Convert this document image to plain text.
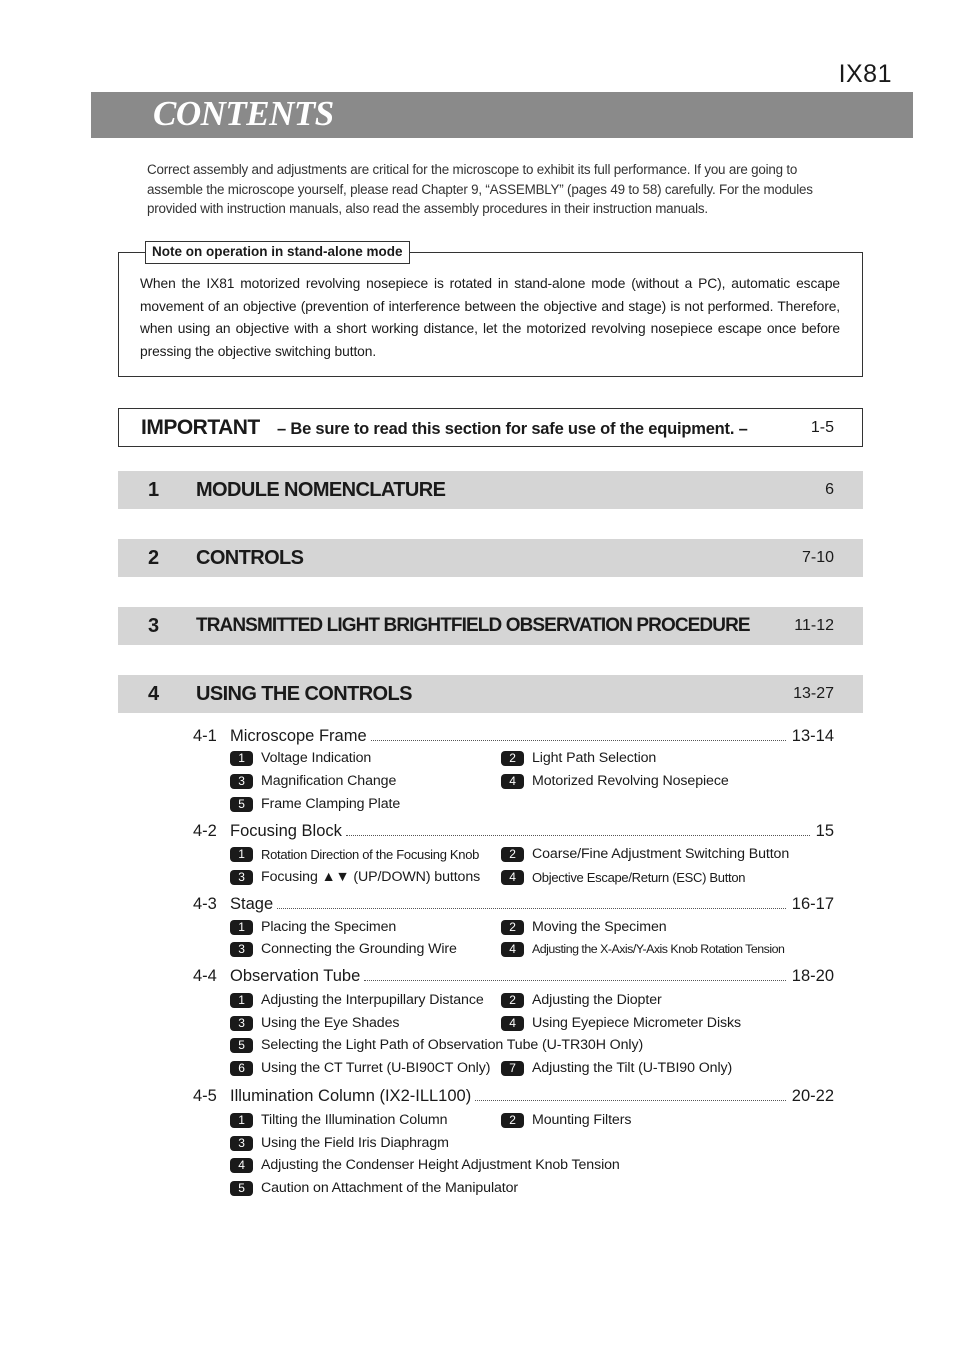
IX81
CONTENTS
Correct assembly and adjustments are critical for the microscope to exhibit its full performance. If you are going to assemble the microscope yourself, please read Chapter 9, “ASSEMBLY” (pages 49 to 58) carefully. For the modules provided with instruction manuals, also read the assembly procedures in their instruction manuals.
Note on operation in stand-alone mode
When the IX81 motorized revolving nosepiece is rotated in stand-alone mode (without a PC), automatic escape movement of an objective (prevention of interference between the objective and stage) is not performed. Therefore, when using an objective with a short working distance, let the motorized revolving nosepiece escape once before pressing the objective switching button.
IMPORTANT – Be sure to read this section for safe use of the equipment. –	1-5
1 MODULE NOMENCLATURE	6
2 CONTROLS	7-10
3 TRANSMITTED LIGHT BRIGHTFIELD OBSERVATION PROCEDURE	11-12
4 USING THE CONTROLS	13-27
4-1 Microscope Frame	13-14
1	Voltage Indication	2	Light Path Selection
3	Magnification Change	4	Motorized Revolving Nosepiece
5	Frame Clamping Plate
4-2 Focusing Block	15
1	Rotation Direction of the Focusing Knob	2	Coarse/Fine Adjustment Switching Button
3	Focusing ▲▼ (UP/DOWN) buttons	4	Objective Escape/Return (ESC) Button
4-3 Stage	16-17
1	Placing the Specimen	2	Moving the Specimen
3	Connecting the Grounding Wire	4	Adjusting the X-Axis/Y-Axis Knob Rotation Tension
4-4 Observation Tube	18-20
1	Adjusting the Interpupillary Distance	2	Adjusting the Diopter
3	Using the Eye Shades	4	Using Eyepiece Micrometer Disks
5	Selecting the Light Path of Observation Tube (U-TR30H Only)
6	Using the CT Turret (U-BI90CT Only)	7	Adjusting the Tilt (U-TBI90 Only)
4-5 Illumination Column (IX2-ILL100)	20-22
1	Tilting the Illumination Column	2	Mounting Filters
3	Using the Field Iris Diaphragm
4	Adjusting the Condenser Height Adjustment Knob Tension
5	Caution on Attachment of the Manipulator
